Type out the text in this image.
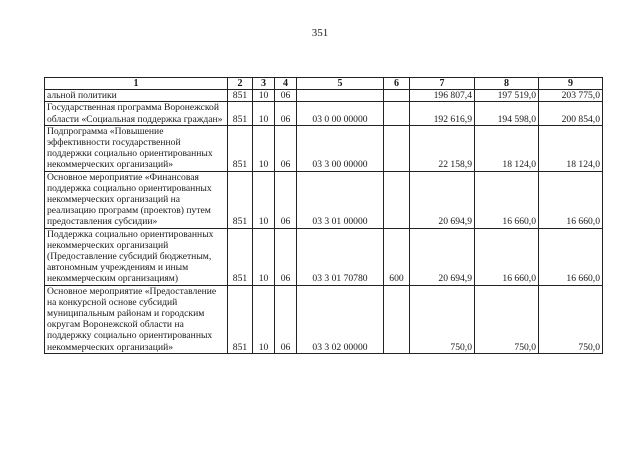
351
1	2	3	4	5	6	7	8	9
альной политики	851	10	06			196 807,4	197 519,0	203 775,0
Государственная программа Воронежской области «Социальная поддержка граждан»	851	10	06	03 0 00 00000		192 616,9	194 598,0	200 854,0
Подпрограмма «Повышение эффективности государственной поддержки социально ориентированных некоммерческих организаций»	851	10	06	03 3 00 00000		22 158,9	18 124,0	18 124,0
Основное мероприятие «Финансовая поддержка социально ориентированных некоммерческих организаций на реализацию программ (проектов) путем предоставления субсидии»	851	10	06	03 3 01 00000		20 694,9	16 660,0	16 660,0
Поддержка социально ориентированных некоммерческих организаций (Предоставление субсидий бюджетным, автономным учреждениям и иным некоммерческим организациям)	851	10	06	03 3 01 70780	600	20 694,9	16 660,0	16 660,0
Основное мероприятие «Предоставление на конкурсной основе субсидий муниципальным районам и городским округам Воронежской области на поддержку социально ориентированных некоммерческих организаций»	851	10	06	03 3 02 00000		750,0	750,0	750,0
